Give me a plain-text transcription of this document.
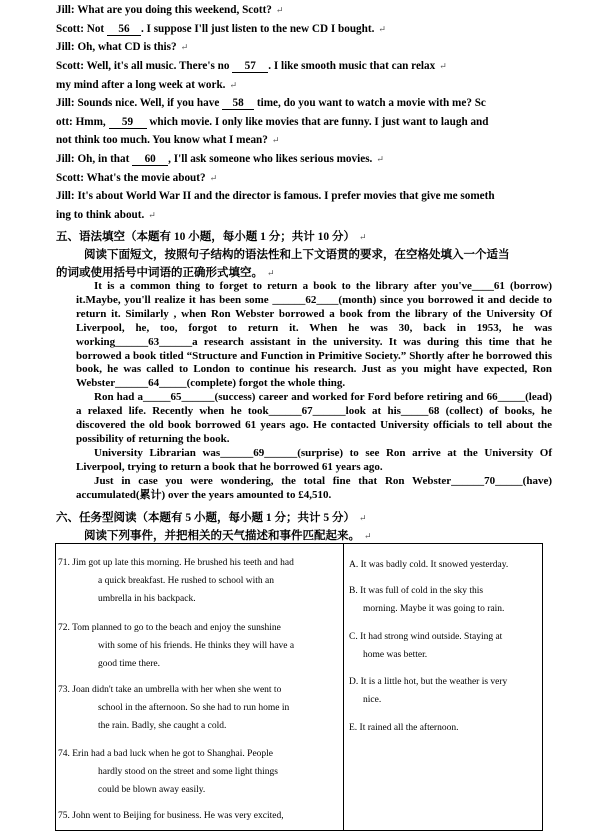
Jill: What are you doing this weekend, Scott? ↵
Scott: Not 56 . I suppose I'll just listen to the new CD I bought. ↵
Jill: Oh, what CD is this? ↵
Scott: Well, it's all music. There's no 57 . I like smooth music that can relax ↵
my mind after a long week at work. ↵
Jill: Sounds nice. Well, if you have 58 time, do you want to watch a movie with me? Sc
ott: Hmm, 59 which movie. I only like movies that are funny. I just want to laugh and
not think too much. You know what I mean? ↵
Jill: Oh, in that 60 , I'll ask someone who likes serious movies. ↵
Scott: What's the movie about? ↵
Jill: It's about World War II and the director is famous. I prefer movies that give me someth
ing to think about. ↵
五、语法填空（本题有 10 小题，每小题 1 分；共计 10 分） ↵
阅读下面短文，按照句子结构的语法性和上下文语贯的要求，在空格处填入一个适当
的词或使用括号中词语的正确形式填空。 ↵

It is a common thing to forget to return a book to the library after you've____61 (borrow) it.Maybe, you'll realize it has been some ______62____(month) since you borrowed it and decide to return it. Similarly , when Ron Webster borrowed a book from the library of the University Of Liverpool, he, too, forgot to return it. When he was 30, back in 1953, he was working______63______a research assistant in the university. It was during this time that he borrowed a book titled “Structure and Function in Primitive Society.” Shortly after he borrowed this book, he was called to London to continue his research. Just as you might have expected, Ron Webster______64_____(complete) forgot the whole thing.

Ron had a_____65______(success) career and worked for Ford before retiring and 66_____(lead) a relaxed life. Recently when he took______67______look at his_____68 (collect) of books, he discovered the old book borrowed 61 years ago. He contacted University officials to tell about the possibility of returning the book.

University Librarian was______69______(surprise) to see Ron arrive at the University Of Liverpool, trying to return a book that he borrowed 61 years ago.

Just in case you were wondering, the total fine that Ron Webster______70_____(have) accumulated(累计) over the years amounted to £4,510.

六、任务型阅读（本题有 5 小题，每小题 1 分；共计 5 分） ↵
阅读下列事件，并把相关的天气描述和事件匹配起来。 ↵
71. Jim got up late this morning. He brushed his teeth and had
a quick breakfast. He rushed to school with an
umbrella in his backpack.
72. Tom planned to go to the beach and enjoy the sunshine
with some of his friends. He thinks they will have a
good time there.
73. Joan didn't take an umbrella with her when she went to
school in the afternoon. So she had to run home in
the rain. Badly, she caught a cold.
74. Erin had a bad luck when he got to Shanghai. People
hardly stood on the street and some light things
could be blown away easily.
75. John went to Beijing for business. He was very excited,
A. It was badly cold. It snowed yesterday.
B. It was full of cold in the sky this
morning. Maybe it was going to rain.
C. It had strong wind outside. Staying at
home was better.
D. It is a little hot, but the weather is very
nice.
E. It rained all the afternoon.
